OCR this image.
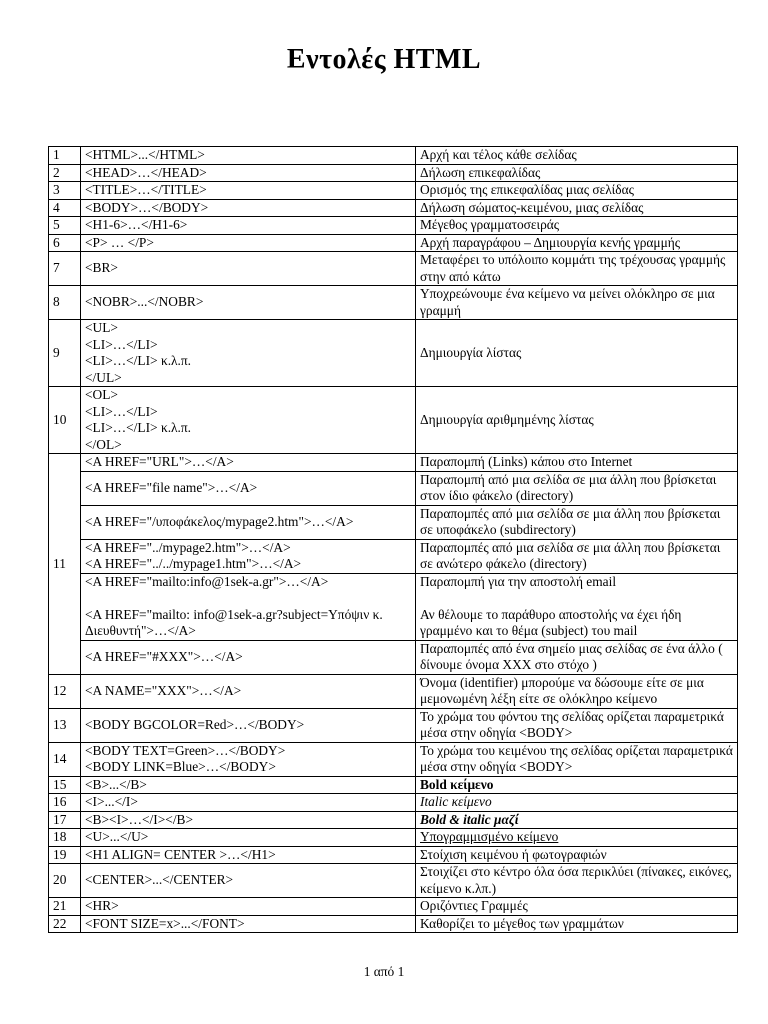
Εντολές HTML
1	<HTML>...</HTML>	Αρχή και τέλος κάθε σελίδας
2	<HEAD>…</HEAD>	Δήλωση επικεφαλίδας
3	<TITLE>…</TITLE>	Ορισμός της επικεφαλίδας μιας σελίδας
4	<BODY>…</BODY>	Δήλωση σώματος-κειμένου, μιας σελίδας
5	<H1-6>…</H1-6>	Μέγεθος γραμματοσειράς
6	<P> … </P>	Αρχή παραγράφου – Δημιουργία κενής γραμμής
7	<BR>	Μεταφέρει το υπόλοιπο κομμάτι της τρέχουσας γραμμής στην από κάτω
8	<NOBR>...</NOBR>	Υποχρεώνουμε ένα κείμενο να μείνει ολόκληρο σε μια γραμμή
9	<UL>
<LI>…</LI>
<LI>…</LI> κ.λ.π.
</UL>	Δημιουργία λίστας
10	<OL>
<LI>…</LI>
<LI>…</LI> κ.λ.π.
</OL>	Δημιουργία αριθμημένης λίστας
11	<A HREF="URL">…</A>	Παραπομπή (Links) κάπου στο Internet
	<A HREF="file name">…</A>	Παραπομπή από μια σελίδα σε μια άλλη που βρίσκεται στον ίδιο φάκελο (directory)
	<A HREF="/υποφάκελος/mypage2.htm">…</A>	Παραπομπές από μια σελίδα σε μια άλλη που βρίσκεται σε υποφάκελο (subdirectory)

	<A HREF="../mypage2.htm">…</A>
<A HREF="../../mypage1.htm">…</A>	Παραπομπές από μια σελίδα σε μια άλλη που βρίσκεται σε ανώτερο φάκελο (directory)

	<A HREF="mailto:info@1sek-a.gr">…</A>
<A HREF="mailto: info@1sek-a.gr?subject=Υπόψιν κ. Διευθυντή">…</A>	Παραπομπή για την αποστολή email
Αν θέλουμε το παράθυρο αποστολής να έχει ήδη γραμμένο και το θέμα (subject) του mail

	<A HREF="#XXX">…</A>	Παραπομπές από ένα σημείο μιας σελίδας σε ένα άλλο ( δίνουμε όνομα XXX στο στόχο )
12	<A NAME="XXX">…</A>	Όνομα (identifier) μπορούμε να δώσουμε είτε σε μια μεμονωμένη λέξη είτε σε ολόκληρο κείμενο
13	<BODY BGCOLOR=Red>…</BODY>	Το χρώμα του φόντου της σελίδας ορίζεται παραμετρικά μέσα στην οδηγία <BODY>
14	<BODY TEXT=Green>…</BODY>
<BODY LINK=Blue>…</BODY>	Το χρώμα του κειμένου της σελίδας ορίζεται παραμετρικά μέσα στην οδηγία <BODY>
15	<B>...</B>	Bold κείμενο
16	<I>...</I>	Italic κείμενο
17	<B><I>…</I></B>	Bold & italic μαζί
18	<U>...</U>	Υπογραμμισμένο κείμενο
19	<H1 ALIGN= CENTER >…</H1>	Στοίχιση κειμένου ή φωτογραφιών
20	<CENTER>...</CENTER>	Στοιχίζει στο κέντρο όλα όσα περικλύει (πίνακες, εικόνες, κείμενο κ.λπ.)
21	<HR>	Οριζόντιες Γραμμές
22	<FONT SIZE=x>...</FONT>	Καθορίζει το μέγεθος των γραμμάτων
1 από 1
